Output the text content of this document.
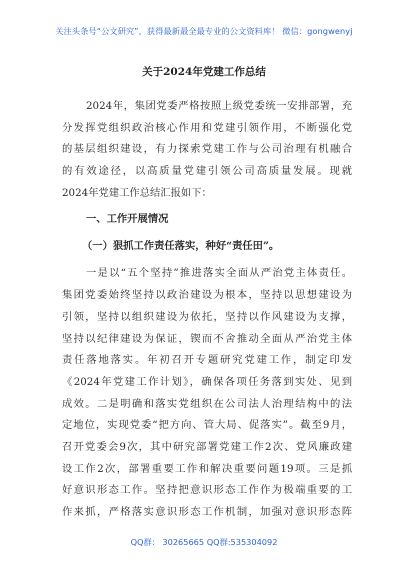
关注头条号“公文研究”，获得最新最全最专业的公文资料库！ 微信：gongwenyj
关于2024年党建工作总结
2024年，集团党委严格按照上级党委统一安排部署，充
分发挥党组织政治核心作用和党建引领作用，不断强化党
的基层组织建设，有力探索党建工作与公司治理有机融合
的有效途径，以高质量党建引领公司高质量发展。现就
2024年党建工作总结汇报如下：
一、工作开展情况
（一）狠抓工作责任落实，种好“责任田”。
一是以“五个坚持”推进落实全面从严治党主体责任。
集团党委始终坚持以政治建设为根本，坚持以思想建设为
引领，坚持以组织建设为依托，坚持以作风建设为支撑，
坚持以纪律建设为保证，锲而不舍推动全面从严治党主体
责任落地落实。年初召开专题研究党建工作，制定印发
《2024年党建工作计划》，确保各项任务落到实处、见到
成效。二是明确和落实党组织在公司法人治理结构中的法
定地位，实现党委“把方向、管大局、促落实”。截至9月，
召开党委会9次，其中研究部署党建工作2次、党风廉政建
设工作2次，部署重要工作和解决重要问题19项。三是抓
好意识形态工作。坚持把意识形态工作作为极端重要的工
作来抓，严格落实意识形态工作机制，加强对意识形态阵
QQ群： 30265665 QQ群:535304092
